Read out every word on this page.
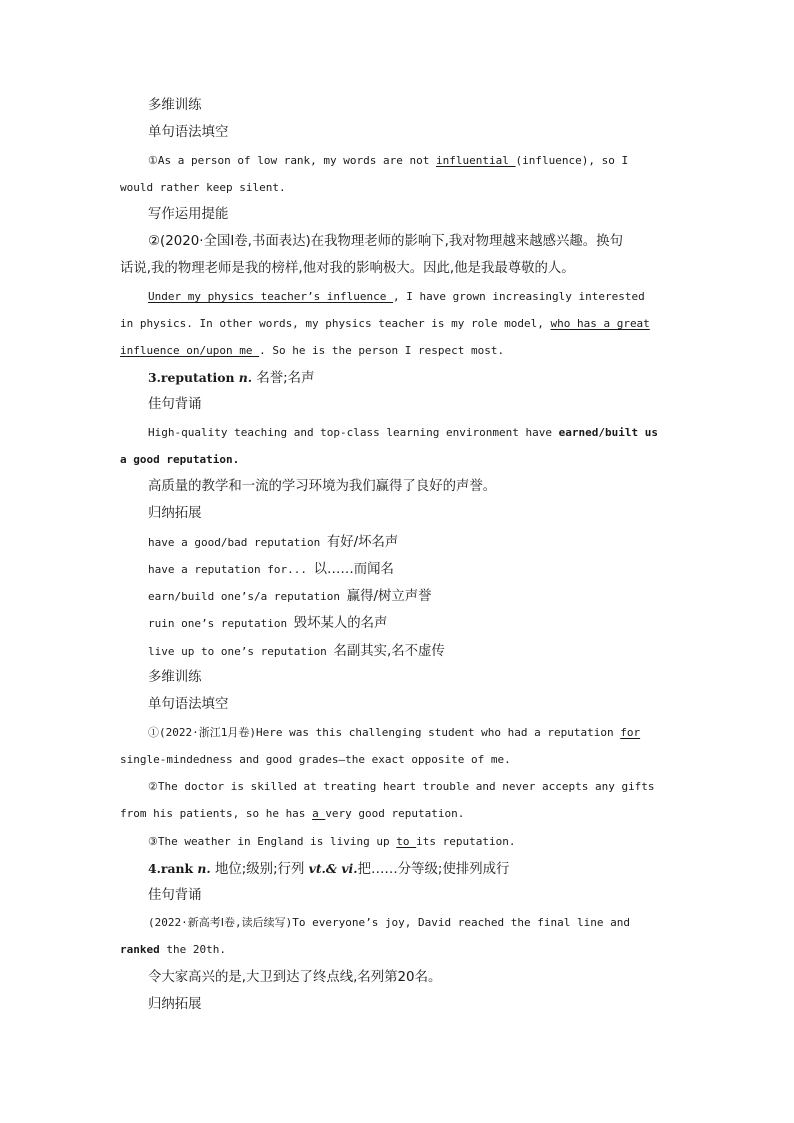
多维训练
单句语法填空
①As a person of low rank, my words are not influential (influence), so I
would rather keep silent.
写作运用提能
②(2020·全国Ⅰ卷,书面表达)在我物理老师的影响下,我对物理越来越感兴趣。换句
话说,我的物理老师是我的榜样,他对我的影响极大。因此,他是我最尊敬的人。
Under my physics teacher’s influence , I have grown increasingly interested
in physics. In other words, my physics teacher is my role model, who has a great
influence on/upon me . So he is the person I respect most.
3.reputation n. 名誉;名声
佳句背诵
High-quality teaching and top-class learning environment have earned/built us
a good reputation.
高质量的教学和一流的学习环境为我们赢得了良好的声誉。
归纳拓展
have a good/bad reputation 有好/坏名声
have a reputation for... 以……而闻名
earn/build one’s/a reputation 赢得/树立声誉
ruin one’s reputation 毁坏某人的名声
live up to one’s reputation 名副其实,名不虚传
多维训练
单句语法填空
①(2022·浙江1月卷)Here was this challenging student who had a reputation for
single-mindedness and good grades—the exact opposite of me.
②The doctor is skilled at treating heart trouble and never accepts any gifts
from his patients, so he has a very good reputation.
③The weather in England is living up to its reputation.
4.rank n. 地位;级别;行列 vt.& vi.把……分等级;使排列成行
佳句背诵
(2022·新高考Ⅰ卷,读后续写)To everyone’s joy, David reached the final line and
ranked the 20th.
令大家高兴的是,大卫到达了终点线,名列第20名。
归纳拓展
